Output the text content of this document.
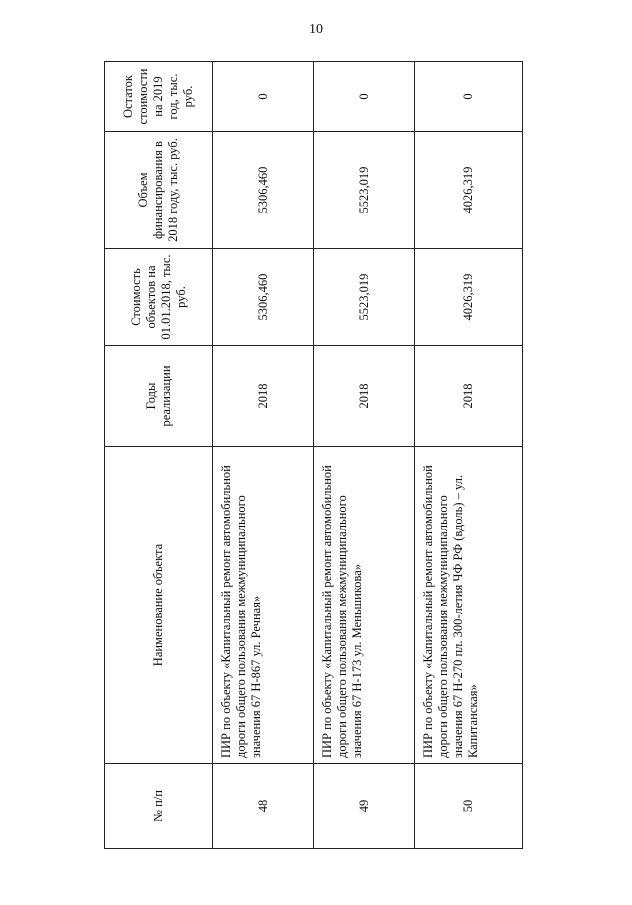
10
№ п/п	Наименование объекта	Годы реализации	Стоимость объектов на 01.01.2018, тыс. руб.	Объем финансирования в 2018 году, тыс. руб.	Остаток стоимости на 2019 год, тыс. руб.
48	ПИР по объекту «Капитальный ремонт автомобильной дороги общего пользования межмуниципального значения 67 Н-867 ул. Речная»	2018	5306,460	5306,460	0
49	ПИР по объекту «Капитальный ремонт автомобильной дороги общего пользования межмуниципального значения 67 Н-173 ул. Меньшикова»	2018	5523,019	5523,019	0
50	ПИР по объекту «Капитальный ремонт автомобильной дороги общего пользования межмуниципального значения 67 Н-270 пл. 300-летия ЧФ РФ (вдоль) – ул. Капитанская»	2018	4026,319	4026,319	0
